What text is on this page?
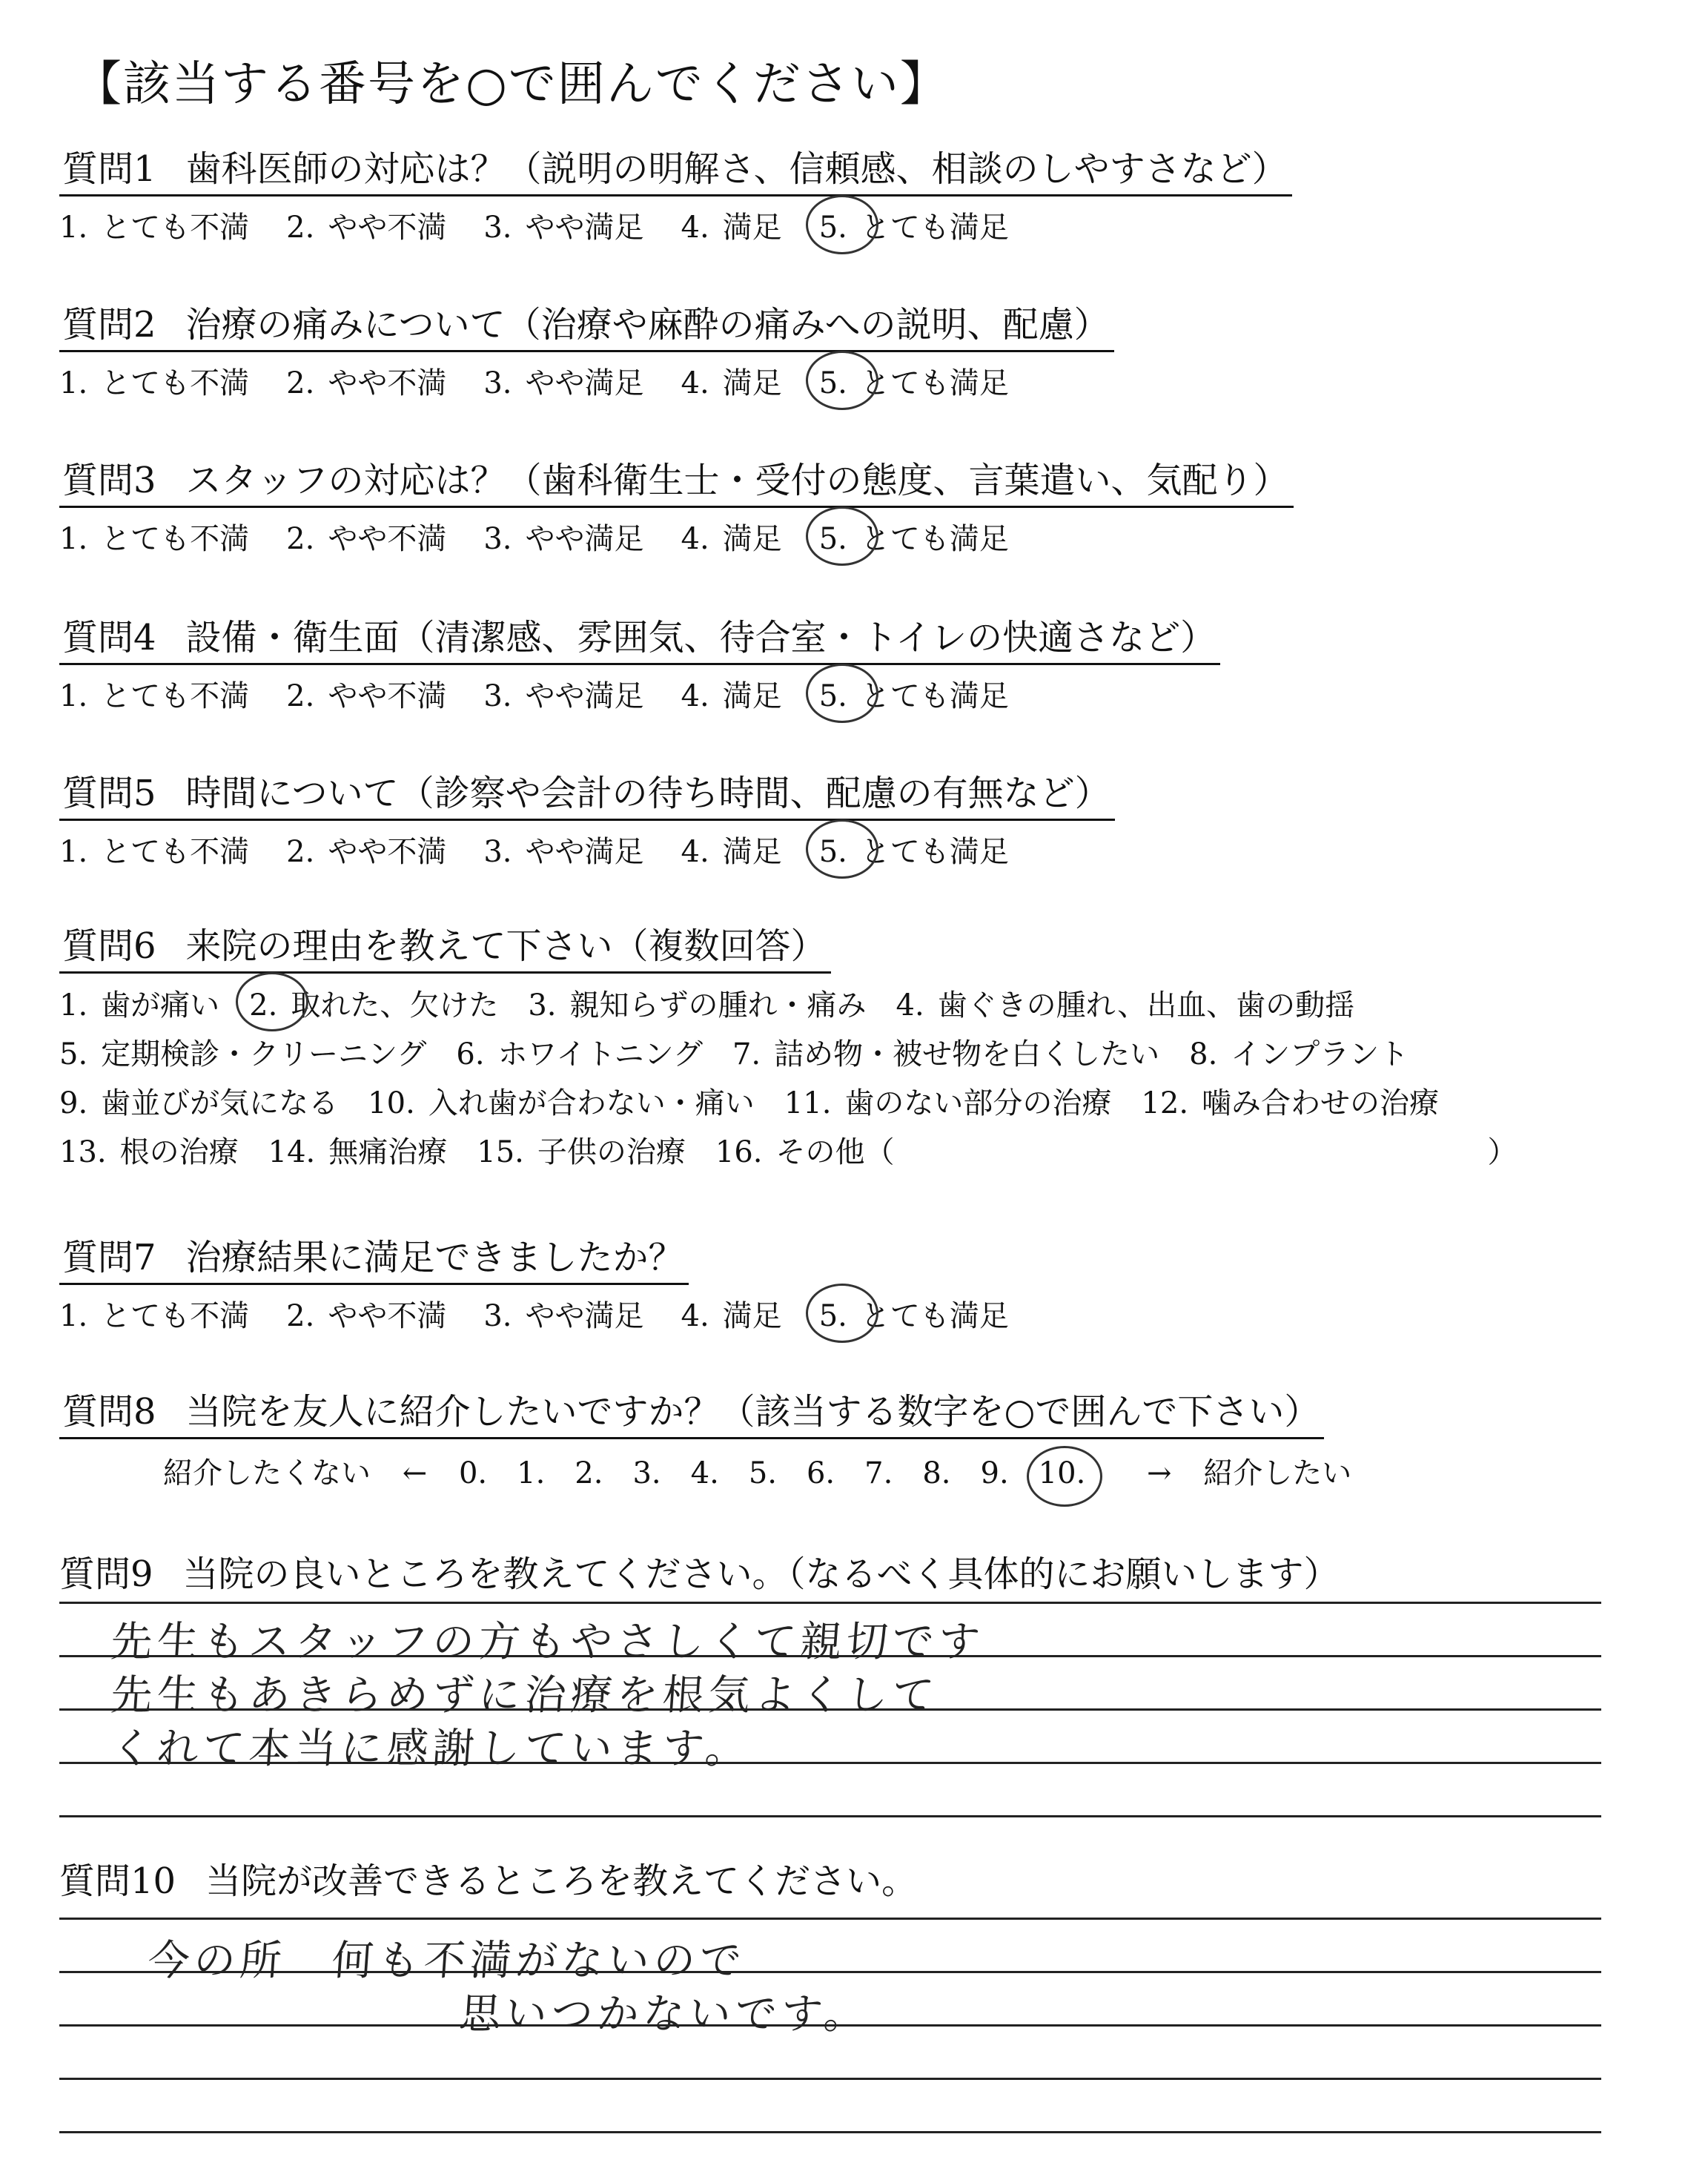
【該当する番号を○で囲んでください】
質問1 歯科医師の対応は？（説明の明解さ、信頼感、相談のしやすさなど）
1. とても不満 2. やや不満 3. やや満足 4. 満足 5. とても満足
質問2 治療の痛みについて（治療や麻酔の痛みへの説明、配慮）
1. とても不満 2. やや不満 3. やや満足 4. 満足 5. とても満足
質問3 スタッフの対応は？（歯科衛生士・受付の態度、言葉遣い、気配り）
1. とても不満 2. やや不満 3. やや満足 4. 満足 5. とても満足
質問4 設備・衛生面（清潔感、雰囲気、待合室・トイレの快適さなど）
1. とても不満 2. やや不満 3. やや満足 4. 満足 5. とても満足
質問5 時間について（診察や会計の待ち時間、配慮の有無など）
1. とても不満 2. やや不満 3. やや満足 4. 満足 5. とても満足
質問6 来院の理由を教えて下さい（複数回答）
1. 歯が痛い 2. 取れた、欠けた 3. 親知らずの腫れ・痛み 4. 歯ぐきの腫れ、出血、歯の動揺
5. 定期検診・クリーニング 6. ホワイトニング 7. 詰め物・被せ物を白くしたい 8. インプラント
9. 歯並びが気になる 10. 入れ歯が合わない・痛い 11. 歯のない部分の治療 12. 噛み合わせの治療
13. 根の治療 14. 無痛治療 15. 子供の治療 16. その他（	）
質問7 治療結果に満足できましたか？
1. とても不満 2. やや不満 3. やや満足 4. 満足 5. とても満足
質問8 当院を友人に紹介したいですか？（該当する数字を○で囲んで下さい）
紹介したくない ← 0. 1. 2. 3. 4. 5. 6. 7. 8. 9. 10. → 紹介したい
質問9 当院の良いところを教えてください。（なるべく具体的にお願いします）
先生もスタッフの方もやさしくて親切です
先生もあきらめずに治療を根気よくして
くれて本当に感謝しています。
質問10 当院が改善できるところを教えてください。
今の所　何も不満がないので
思いつかないです。
